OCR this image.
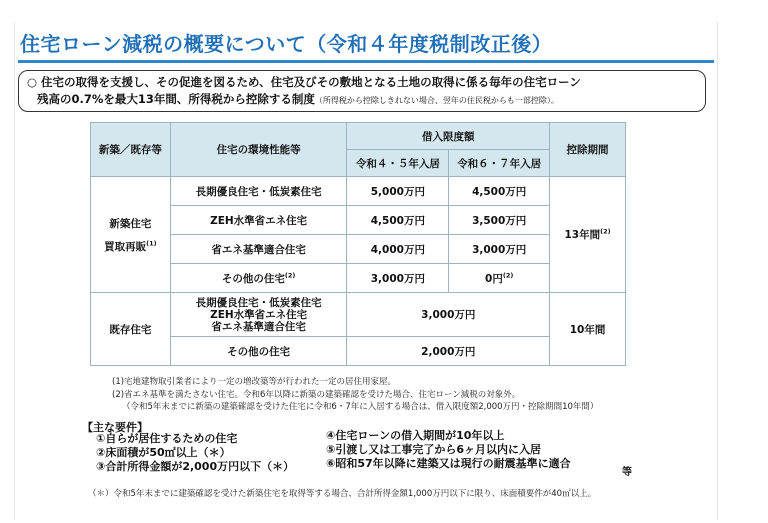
住宅ローン減税の概要について（令和４年度税制改正後）
○ 住宅の取得を支援し、その促進を図るため、住宅及びその敷地となる土地の取得に係る毎年の住宅ローン
残高の0.7%を最大13年間、所得税から控除する制度（所得税から控除しきれない場合、翌年の住民税からも一部控除）。
新築／既存等	住宅の環境性能等	借入限度額		控除期間
		令和４・５年入居	令和６・７年入居	

新築住宅
買取再販$^{(1)}$	長期優良住宅・低炭素住宅	5,000万円	4,500万円	13年間$^{(2)}$
	ZEH水準省エネ住宅	4,500万円	3,500万円	
	省エネ基準適合住宅	4,000万円	3,000万円	
	その他の住宅$^{(2)}$	3,000万円	0円$^{(2)}$
既存住宅	長期優良住宅・低炭素住宅
ZEH水準省エネ住宅
省エネ基準適合住宅	3,000万円		10年間
	その他の住宅	2,000万円		
(1)宅地建物取引業者により一定の増改築等が行われた一定の居住用家屋。
(2)省エネ基準を満たさない住宅。令和6年以降に新築の建築確認を受けた場合、住宅ローン減税の対象外。
（令和5年末までに新築の建築確認を受けた住宅に令和6・7年に入居する場合は、借入限度額2,000万円・控除期間10年間）
【主な要件】
①自らが居住するための住宅
②床面積が50㎡以上（＊）
③合計所得金額が2,000万円以下（＊）
④住宅ローンの借入期間が10年以上
⑤引渡し又は工事完了から6ヶ月以内に入居
⑥昭和57年以降に建築又は現行の耐震基準に適合
等
（＊）令和5年末までに建築確認を受けた新築住宅を取得等する場合、合計所得金額1,000万円以下に限り、床面積要件が40㎡以上。
